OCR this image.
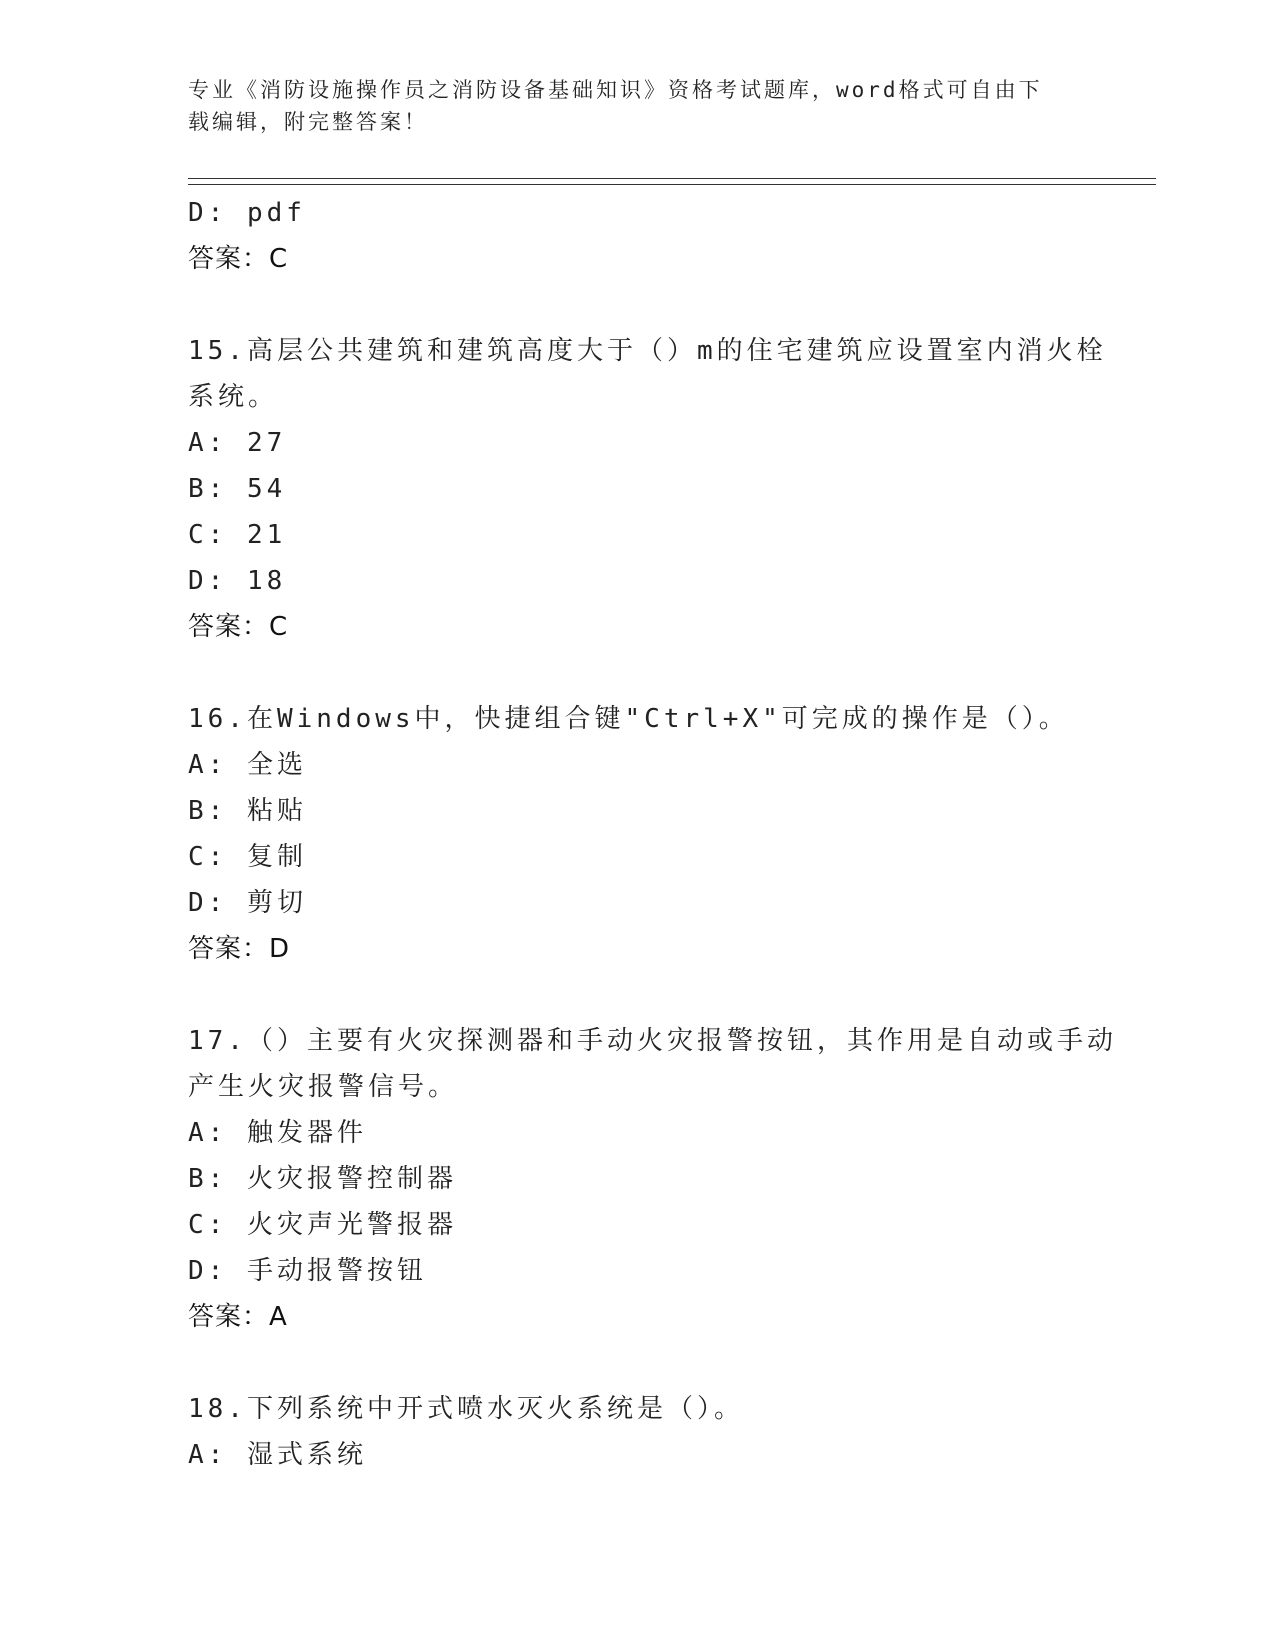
专业《消防设施操作员之消防设备基础知识》资格考试题库，word格式可自由下
载编辑，附完整答案！
D: pdf
答案：C
15.高层公共建筑和建筑高度大于（）m的住宅建筑应设置室内消火栓
系统。
A: 27
B: 54
C: 21
D: 18
答案：C
16.在Windows中，快捷组合键"Ctrl+X"可完成的操作是（）。
A: 全选
B: 粘贴
C: 复制
D: 剪切
答案：D
17.（）主要有火灾探测器和手动火灾报警按钮，其作用是自动或手动
产生火灾报警信号。
A: 触发器件
B: 火灾报警控制器
C: 火灾声光警报器
D: 手动报警按钮
答案：A
18.下列系统中开式喷水灭火系统是（）。
A: 湿式系统
